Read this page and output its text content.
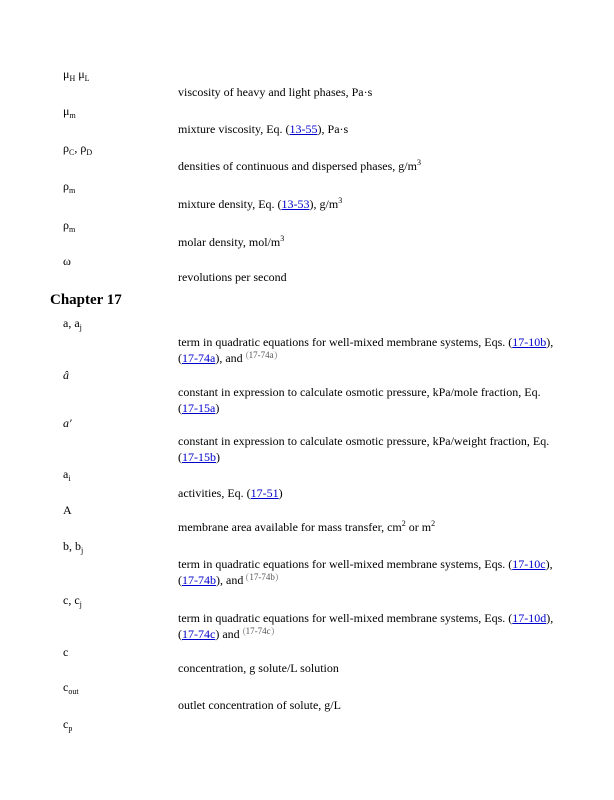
$\mu_H$ $\mu_L$
viscosity of heavy and light phases, Pa·s
$\mu_m$
mixture viscosity, Eq. (13-55), Pa·s
$\rho_C$, $\rho_D$
densities of continuous and dispersed phases, $g/m^3$
$\rho_m$
mixture density, Eq. (13-53), $g/m^3$
$\rho_m$
molar density, mol/$m^3$
ω
revolutions per second
Chapter 17
a, $a_j$
term in quadratic equations for well-mixed membrane systems, Eqs. (17-10b),
(17-74a), and 17-74a
â
constant in expression to calculate osmotic pressure, kPa/mole fraction, Eq.
(17-15a)
a′
constant in expression to calculate osmotic pressure, kPa/weight fraction, Eq.
(17-15b)
$a_i$
activities, Eq. (17-51)
A
membrane area available for mass transfer, $cm^2$ or $m^2$
b, $b_j$
term in quadratic equations for well-mixed membrane systems, Eqs. (17-10c),
(17-74b), and 17-74b
c, $c_j$
term in quadratic equations for well-mixed membrane systems, Eqs. (17-10d),
(17-74c) and 17-74c
c
concentration, g solute/L solution
$c_{out}$
outlet concentration of solute, g/L
$c_p$
